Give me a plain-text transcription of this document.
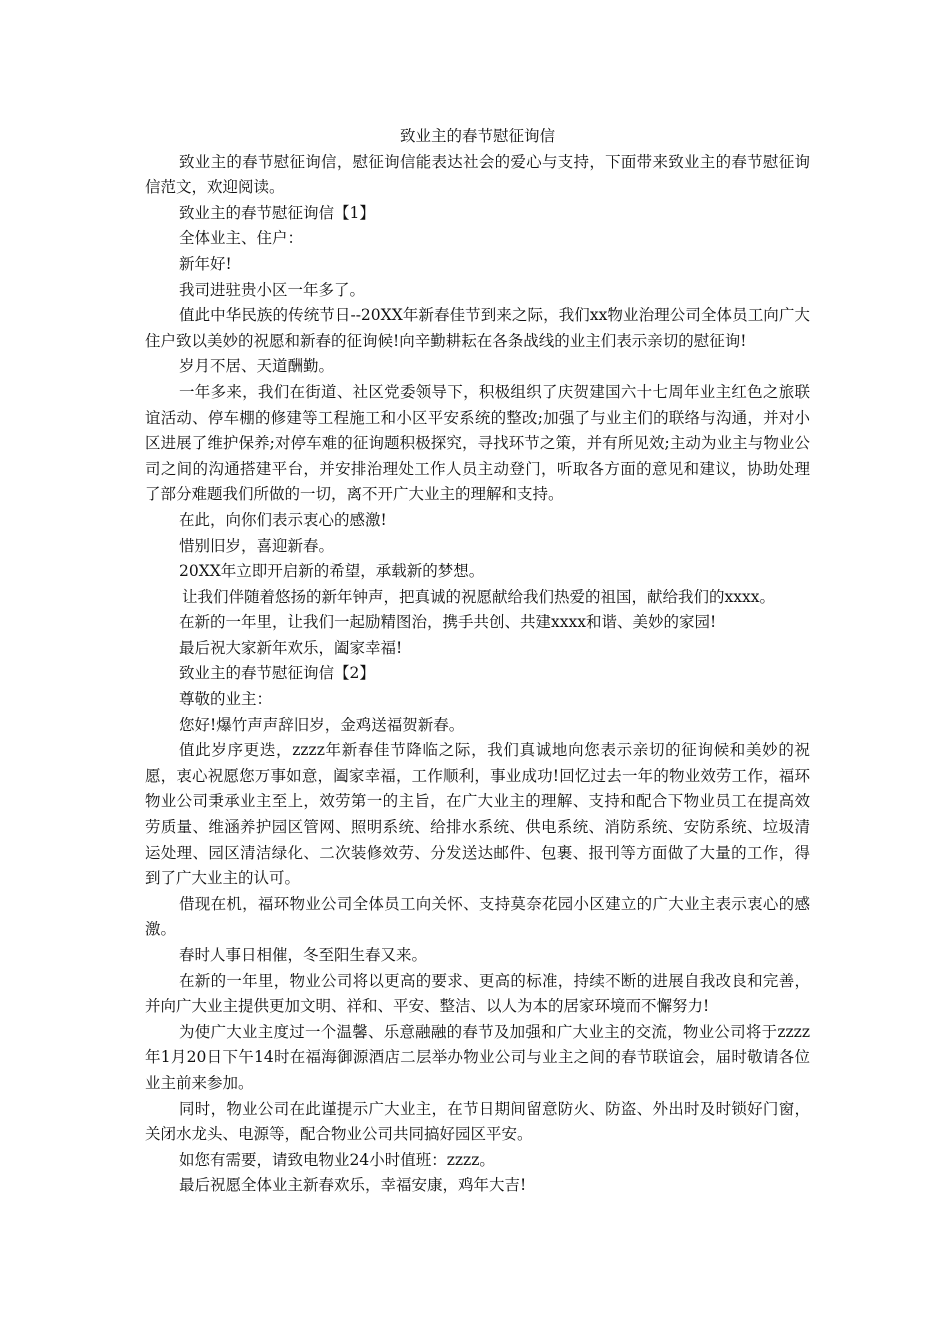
致业主的春节慰征询信

致业主的春节慰征询信，慰征询信能表达社会的爱心与支持，下面带来致业主的春节慰征询信范文，欢迎阅读。

致业主的春节慰征询信【1】

全体业主、住户：

新年好!

我司进驻贵小区一年多了。

值此中华民族的传统节日--20XX年新春佳节到来之际，我们xx物业治理公司全体员工向广大住户致以美妙的祝愿和新春的征询候!向辛勤耕耘在各条战线的业主们表示亲切的慰征询!

岁月不居、天道酬勤。

一年多来，我们在街道、社区党委领导下，积极组织了庆贺建国六十七周年业主红色之旅联谊活动、停车棚的修建等工程施工和小区平安系统的整改;加强了与业主们的联络与沟通，并对小区进展了维护保养;对停车难的征询题积极探究，寻找环节之策，并有所见效;主动为业主与物业公司之间的沟通搭建平台，并安排治理处工作人员主动登门，听取各方面的意见和建议，协助处理了部分难题我们所做的一切，离不开广大业主的理解和支持。

在此，向你们表示衷心的感激!

惜别旧岁，喜迎新春。

20XX年立即开启新的希望，承载新的梦想。

让我们伴随着悠扬的新年钟声，把真诚的祝愿献给我们热爱的祖国，献给我们的xxxx。

在新的一年里，让我们一起励精图治，携手共创、共建xxxx和谐、美妙的家园!

最后祝大家新年欢乐，阖家幸福!

致业主的春节慰征询信【2】

尊敬的业主：

您好!爆竹声声辞旧岁，金鸡送福贺新春。

值此岁序更迭，zzzz年新春佳节降临之际，我们真诚地向您表示亲切的征询候和美妙的祝愿，衷心祝愿您万事如意，阖家幸福，工作顺利，事业成功!回忆过去一年的物业效劳工作，福环物业公司秉承业主至上，效劳第一的主旨，在广大业主的理解、支持和配合下物业员工在提高效劳质量、维涵养护园区管网、照明系统、给排水系统、供电系统、消防系统、安防系统、垃圾清运处理、园区清洁绿化、二次装修效劳、分发送达邮件、包裹、报刊等方面做了大量的工作，得到了广大业主的认可。

借现在机，福环物业公司全体员工向关怀、支持莫奈花园小区建立的广大业主表示衷心的感激。

春时人事日相催，冬至阳生春又来。

在新的一年里，物业公司将以更高的要求、更高的标准，持续不断的进展自我改良和完善，并向广大业主提供更加文明、祥和、平安、整洁、以人为本的居家环境而不懈努力!

为使广大业主度过一个温馨、乐意融融的春节及加强和广大业主的交流，物业公司将于zzzz年1月20日下午14时在福海御源酒店二层举办物业公司与业主之间的春节联谊会，届时敬请各位业主前来参加。

同时，物业公司在此谨提示广大业主，在节日期间留意防火、防盗、外出时及时锁好门窗，关闭水龙头、电源等，配合物业公司共同搞好园区平安。

如您有需要，请致电物业24小时值班：zzzz。

最后祝愿全体业主新春欢乐，幸福安康，鸡年大吉!
